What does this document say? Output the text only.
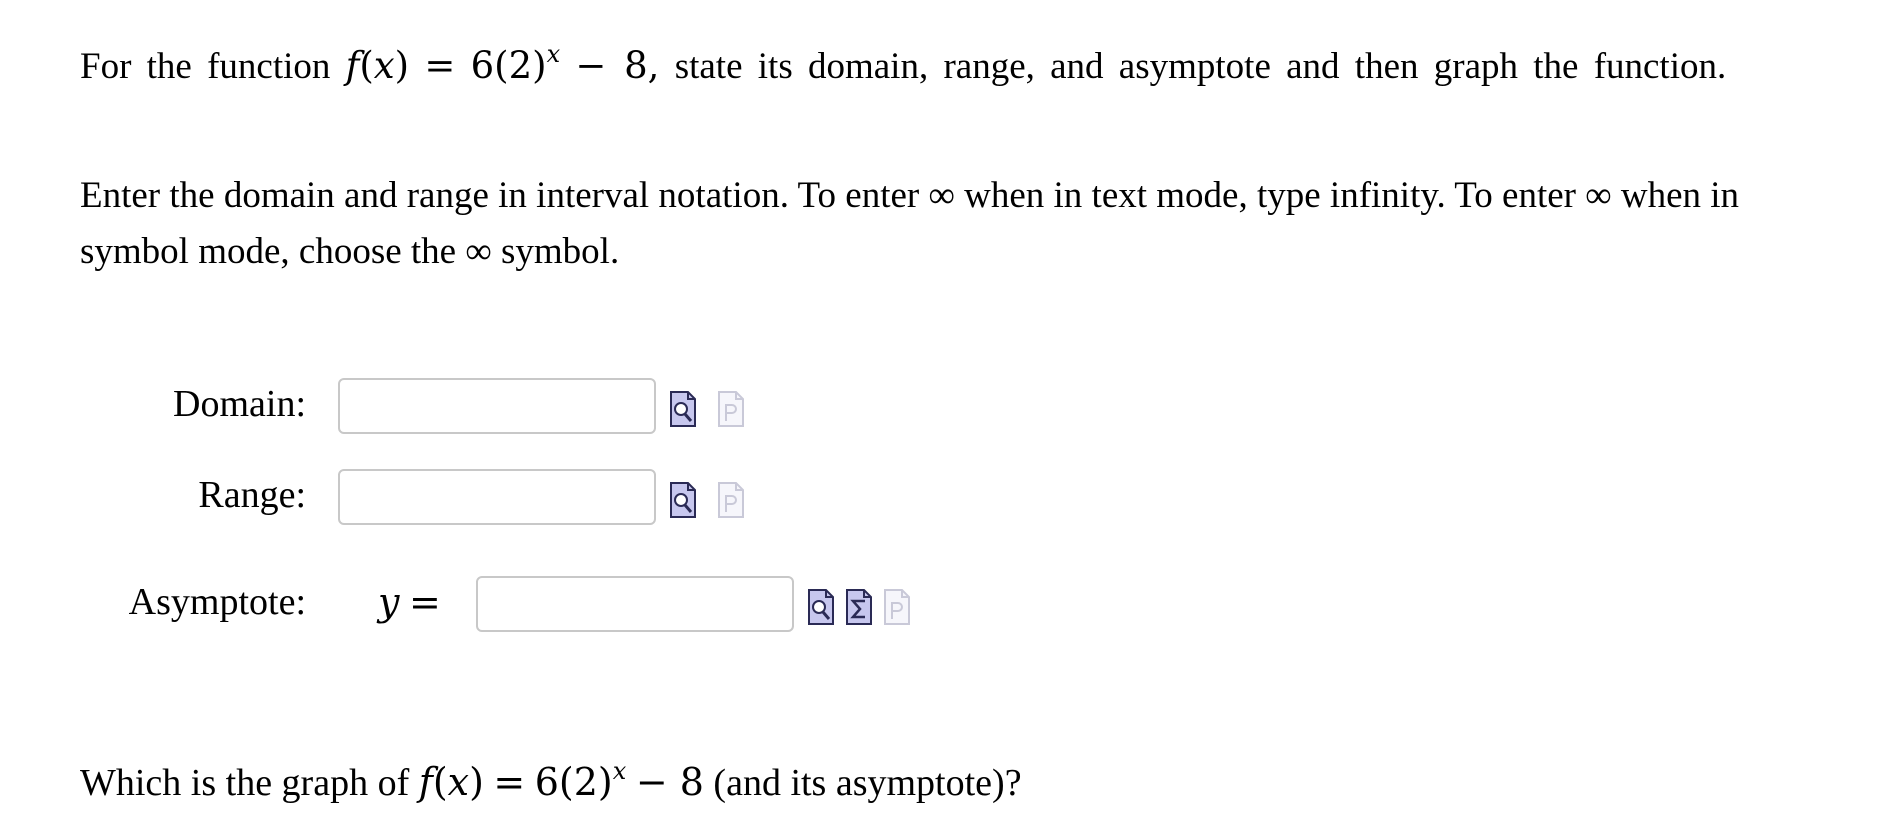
For the function $f(x) = 6(2)^x - 8$, state its domain, range, and asymptote and then graph the function.

Enter the domain and range in interval notation. To enter ∞ when in text mode, type infinity. To enter ∞ when in symbol mode, choose the ∞ symbol.

Domain:
Range:
Asymptote: y =
Which is the graph of $f(x) = 6(2)^x - 8$ (and its asymptote)?
